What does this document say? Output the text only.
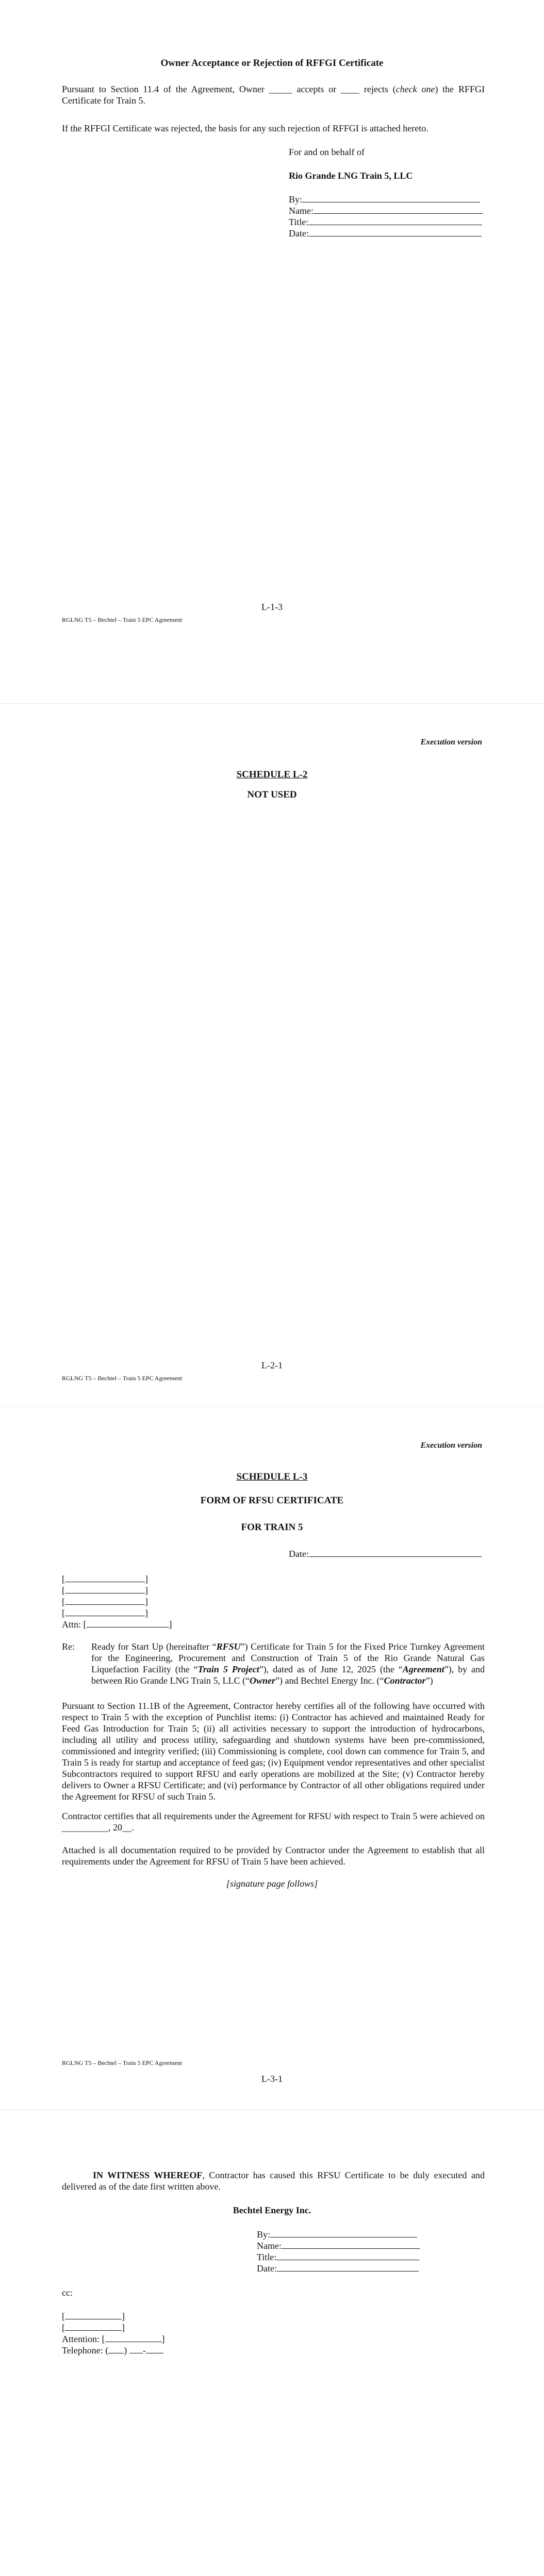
Owner Acceptance or Rejection of RFFGI Certificate
Pursuant to Section 11.4 of the Agreement, Owner _____ accepts or ____ rejects (check one) the RFFGI Certificate for Train 5.
If the RFFGI Certificate was rejected, the basis for any such rejection of RFFGI is attached hereto.
For and on behalf of
Rio Grande LNG Train 5, LLC
By:
Name:
Title:
Date:
L-1-3
RGLNG T5 – Bechtel – Train 5 EPC Agreement
Execution version
SCHEDULE L-2
NOT USED
L-2-1
RGLNG T5 – Bechtel – Train 5 EPC Agreement
Execution version
SCHEDULE L-3
FORM OF RFSU CERTIFICATE
FOR TRAIN 5
Date:
[	]
[	]
[	]
[	]
Attn: [	]
Re: Ready for Start Up (hereinafter “RFSU”) Certificate for Train 5 for the Fixed Price Turnkey Agreement for the Engineering, Procurement and Construction of Train 5 of the Rio Grande Natural Gas Liquefaction Facility (the “Train 5 Project”), dated as of June 12, 2025 (the “Agreement”), by and between Rio Grande LNG Train 5, LLC (“Owner”) and Bechtel Energy Inc. (“Contractor”)
Pursuant to Section 11.1B of the Agreement, Contractor hereby certifies all of the following have occurred with respect to Train 5 with the exception of Punchlist items: (i) Contractor has achieved and maintained Ready for Feed Gas Introduction for Train 5; (ii) all activities necessary to support the introduction of hydrocarbons, including all utility and process utility, safeguarding and shutdown systems have been pre-commissioned, commissioned and integrity verified; (iii) Commissioning is complete, cool down can commence for Train 5, and Train 5 is ready for startup and acceptance of feed gas; (iv) Equipment vendor representatives and other specialist Subcontractors required to support RFSU and early operations are mobilized at the Site; (v) Contractor hereby delivers to Owner a RFSU Certificate; and (vi) performance by Contractor of all other obligations required under the Agreement for RFSU of such Train 5.
Contractor certifies that all requirements under the Agreement for RFSU with respect to Train 5 were achieved on __________, 20__.
Attached is all documentation required to be provided by Contractor under the Agreement to establish that all requirements under the Agreement for RFSU of Train 5 have been achieved.
[signature page follows]
RGLNG T5 – Bechtel – Train 5 EPC Agreement
L-3-1
IN WITNESS WHEREOF, Contractor has caused this RFSU Certificate to be duly executed and delivered as of the date first written above.
Bechtel Energy Inc.
By:
Name:
Title:
Date:
cc:
[	]
[	]
Attention: [	]
Telephone: ( ) -
